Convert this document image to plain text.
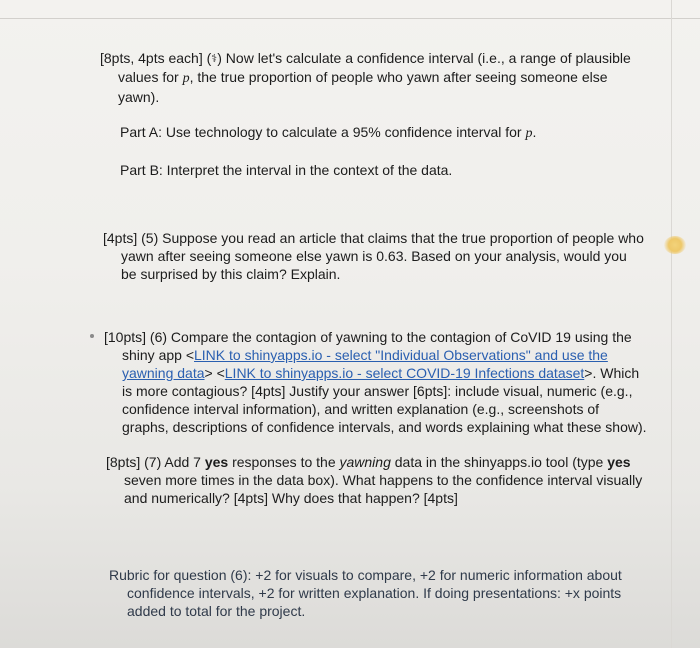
[8pts, 4pts each] (⚕) Now let's calculate a confidence interval (i.e., a range of plausible
values for p, the true proportion of people who yawn after seeing someone else
yawn).
Part A: Use technology to calculate a 95% confidence interval for p.
Part B: Interpret the interval in the context of the data.
[4pts] (5) Suppose you read an article that claims that the true proportion of people who
yawn after seeing someone else yawn is 0.63. Based on your analysis, would you
be surprised by this claim? Explain.
[10pts] (6) Compare the contagion of yawning to the contagion of CoVID 19 using the
shiny app <LINK to shinyapps.io - select "Individual Observations" and use the
yawning data> <LINK to shinyapps.io - select COVID-19 Infections dataset>. Which
is more contagious? [4pts] Justify your answer [6pts]: include visual, numeric (e.g.,
confidence interval information), and written explanation (e.g., screenshots of
graphs, descriptions of confidence intervals, and words explaining what these show).
[8pts] (7) Add 7 yes responses to the yawning data in the shinyapps.io tool (type yes
seven more times in the data box). What happens to the confidence interval visually
and numerically? [4pts] Why does that happen? [4pts]
Rubric for question (6): +2 for visuals to compare, +2 for numeric information about
confidence intervals, +2 for written explanation. If doing presentations: +x points
added to total for the project.
